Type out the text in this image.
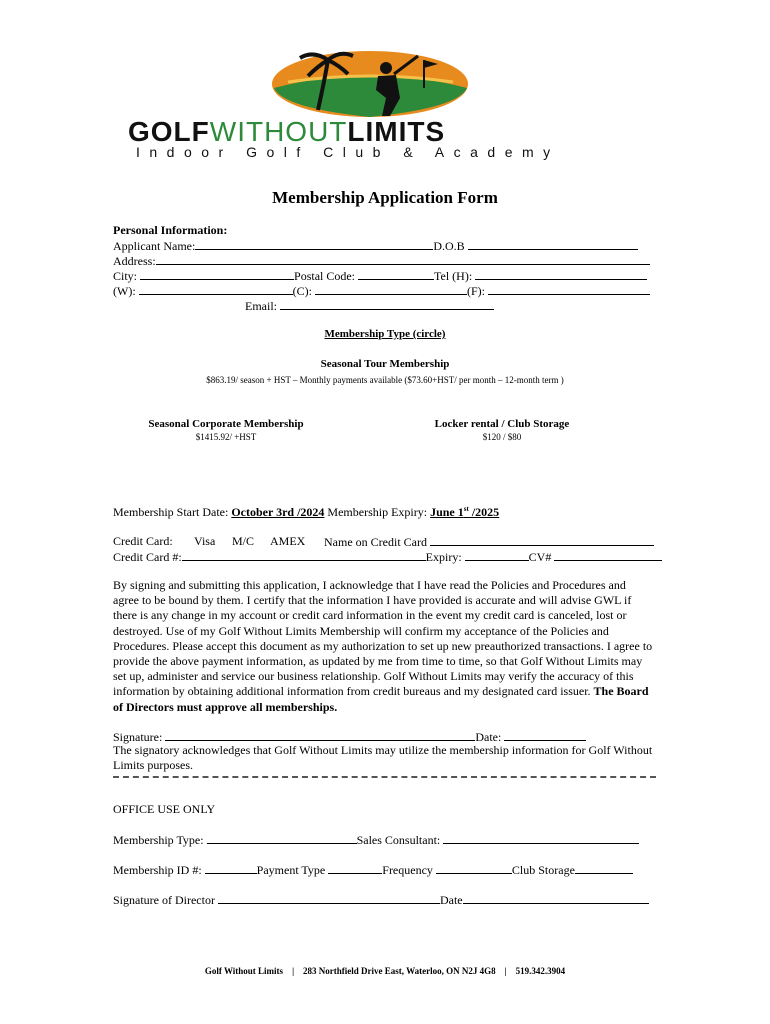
GOLFWITHOUTLIMITS
Indoor Golf Club & Academy
Membership Application Form
Personal Information:
Applicant Name:	D.O.B
Address:
City:	Postal Code:	Tel (H):
(W):	(C):	(F):
Email:
Membership Type (circle)
Seasonal Tour Membership
$863.19/ season + HST – Monthly payments available ($73.60+HST/ per month – 12-month term )
Seasonal Corporate Membership
$1415.92/ +HST
Locker rental / Club Storage
$120 / $80
Membership Start Date: October 3rd /2024 Membership Expiry: June 1st /2025
Credit Card: Visa M/C AMEX Name on Credit Card
Credit Card #:	Expiry:	CV#
By signing and submitting this application, I acknowledge that I have read the Policies and Procedures and agree to be bound by them. I certify that the information I have provided is accurate and will advise GWL if there is any change in my account or credit card information in the event my credit card is canceled, lost or destroyed. Use of my Golf Without Limits Membership will confirm my acceptance of the Policies and Procedures. Please accept this document as my authorization to set up new preauthorized transactions. I agree to provide the above payment information, as updated by me from time to time, so that Golf Without Limits may set up, administer and service our business relationship. Golf Without Limits may verify the accuracy of this information by obtaining additional information from credit bureaus and my designated card issuer. The Board of Directors must approve all memberships.
Signature:	Date:
The signatory acknowledges that Golf Without Limits may utilize the membership information for Golf Without Limits purposes.
OFFICE USE ONLY
Membership Type:	Sales Consultant:
Membership ID #:	Payment Type	Frequency	Club Storage
Signature of Director	Date
Golf Without Limits | 283 Northfield Drive East, Waterloo, ON N2J 4G8 | 519.342.3904
